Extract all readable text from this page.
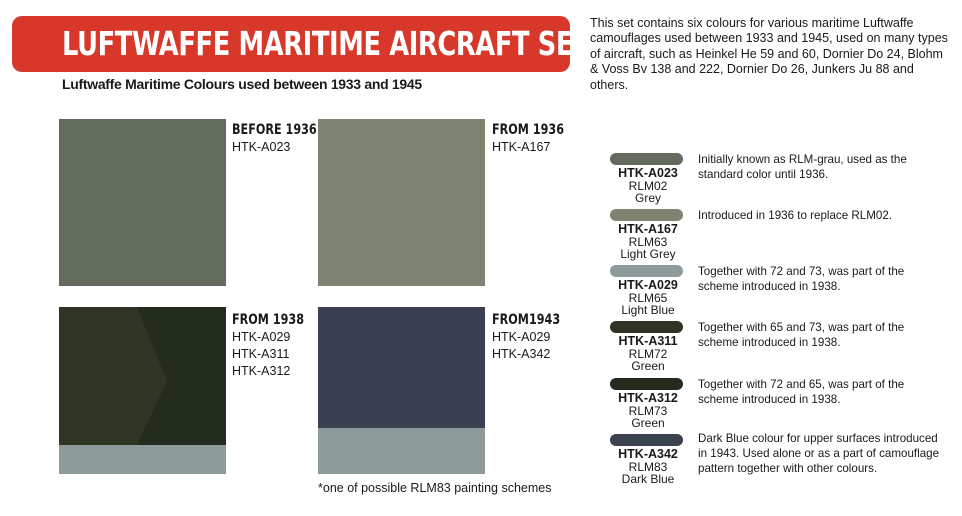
LUFTWAFFE MARITIME AIRCRAFT SET
Luftwaffe Maritime Colours used between 1933 and 1945
This set contains six colours for various maritime Luftwaffe camouflages used between 1933 and 1945, used on many types of aircraft, such as Heinkel He 59 and 60, Dornier Do 24, Blohm & Voss Bv 138 and 222, Dornier Do 26, Junkers Ju 88 and others.
BEFORE 1936
HTK-A023
FROM 1936
HTK-A167
FROM 1938
HTK-A029
HTK-A311
HTK-A312
FROM1943
HTK-A029
HTK-A342
*one of possible RLM83 painting schemes
HTK-A023
RLM02
Grey
Initially known as RLM-grau, used as the standard color until 1936.
HTK-A167
RLM63
Light Grey
Introduced in 1936 to replace RLM02.
HTK-A029
RLM65
Light Blue
Together with 72 and 73, was part of the scheme introduced in 1938.
HTK-A311
RLM72
Green
Together with 65 and 73, was part of the scheme introduced in 1938.
HTK-A312
RLM73
Green
Together with 72 and 65, was part of the scheme introduced in 1938.
HTK-A342
RLM83
Dark Blue
Dark Blue colour for upper surfaces introduced in 1943. Used alone or as a part of camouflage pattern together with other colours.
